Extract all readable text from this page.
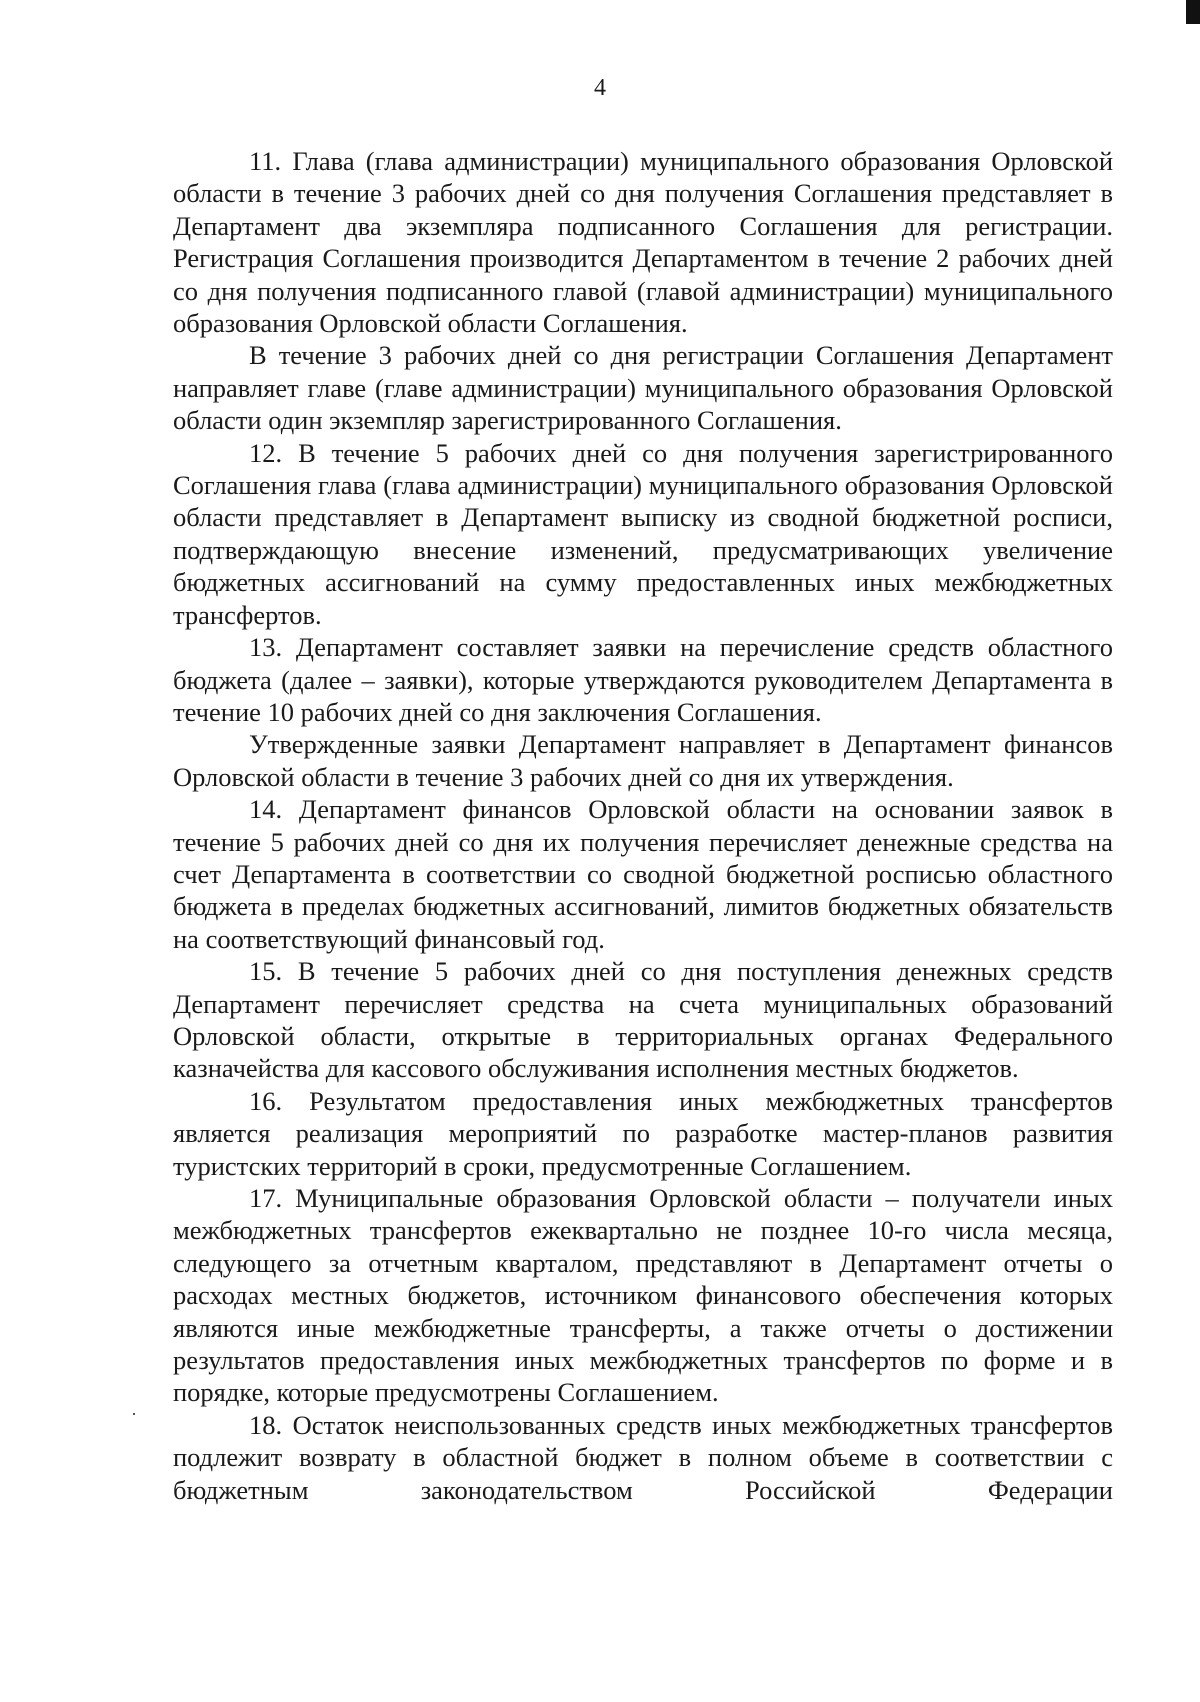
4

11. Глава (глава администрации) муниципального образования Орловской области в течение 3 рабочих дней со дня получения Соглашения представляет в Департамент два экземпляра подписанного Соглашения для регистрации. Регистрация Соглашения производится Департаментом в течение 2 рабочих дней со дня получения подписанного главой (главой администрации) муниципального образования Орловской области Соглашения.

В течение 3 рабочих дней со дня регистрации Соглашения Департамент направляет главе (главе администрации) муниципального образования Орловской области один экземпляр зарегистрированного Соглашения.

12. В течение 5 рабочих дней со дня получения зарегистрированного Соглашения глава (глава администрации) муниципального образования Орловской области представляет в Департамент выписку из сводной бюджетной росписи, подтверждающую внесение изменений, предусматривающих увеличение бюджетных ассигнований на сумму предоставленных иных межбюджетных трансфертов.

13. Департамент составляет заявки на перечисление средств областного бюджета (далее – заявки), которые утверждаются руководителем Департамента в течение 10 рабочих дней со дня заключения Соглашения.

Утвержденные заявки Департамент направляет в Департамент финансов Орловской области в течение 3 рабочих дней со дня их утверждения.

14. Департамент финансов Орловской области на основании заявок в течение 5 рабочих дней со дня их получения перечисляет денежные средства на счет Департамента в соответствии со сводной бюджетной росписью областного бюджета в пределах бюджетных ассигнований, лимитов бюджетных обязательств на соответствующий финансовый год.

15. В течение 5 рабочих дней со дня поступления денежных средств Департамент перечисляет средства на счета муниципальных образований Орловской области, открытые в территориальных органах Федерального казначейства для кассового обслуживания исполнения местных бюджетов.

16. Результатом предоставления иных межбюджетных трансфертов является реализация мероприятий по разработке мастер-планов развития туристских территорий в сроки, предусмотренные Соглашением.

17. Муниципальные образования Орловской области – получатели иных межбюджетных трансфертов ежеквартально не позднее 10-го числа месяца, следующего за отчетным кварталом, представляют в Департамент отчеты о расходах местных бюджетов, источником финансового обеспечения которых являются иные межбюджетные трансферты, а также отчеты о достижении результатов предоставления иных межбюджетных трансфертов по форме и в порядке, которые предусмотрены Соглашением.

18. Остаток неиспользованных средств иных межбюджетных трансфертов подлежит возврату в областной бюджет в полном объеме в соответствии с бюджетным законодательством Российской Федерации
